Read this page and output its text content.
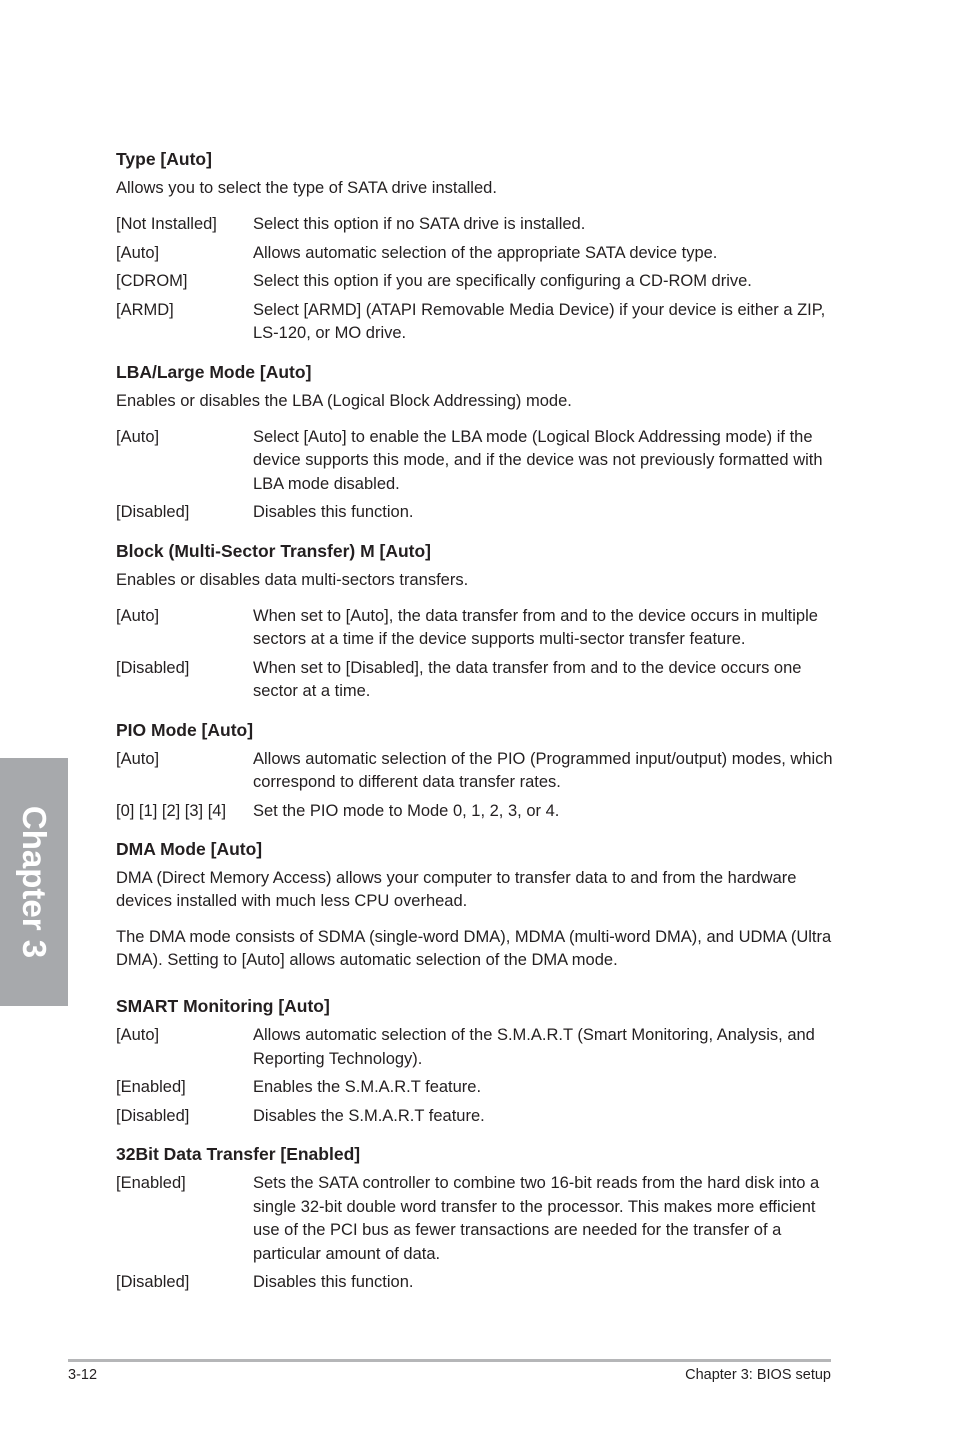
Type [Auto]
Allows you to select the type of SATA drive installed.
[Not Installed]	Select this option if no SATA drive is installed.
[Auto]	Allows automatic selection of the appropriate SATA device type.
[CDROM]	Select this option if you are specifically configuring a CD-ROM drive.
[ARMD]	Select [ARMD] (ATAPI Removable Media Device) if your device is either a ZIP, LS-120, or MO drive.
LBA/Large Mode [Auto]
Enables or disables the LBA (Logical Block Addressing) mode.
[Auto]	Select [Auto] to enable the LBA mode (Logical Block Addressing mode) if the device supports this mode, and if the device was not previously formatted with LBA mode disabled.
[Disabled]	Disables this function.
Block (Multi-Sector Transfer) M [Auto]
Enables or disables data multi-sectors transfers.
[Auto]	When set to [Auto], the data transfer from and to the device occurs in multiple sectors at a time if the device supports multi-sector transfer feature.
[Disabled]	When set to [Disabled], the data transfer from and to the device occurs one sector at a time.
PIO Mode [Auto]
[Auto]	Allows automatic selection of the PIO (Programmed input/output) modes, which correspond to different data transfer rates.
[0] [1] [2] [3] [4]	Set the PIO mode to Mode 0, 1, 2, 3, or 4.
DMA Mode [Auto]
DMA (Direct Memory Access) allows your computer to transfer data to and from the hardware devices installed with much less CPU overhead.
The DMA mode consists of SDMA (single-word DMA), MDMA (multi-word DMA), and UDMA (Ultra DMA). Setting to [Auto] allows automatic selection of the DMA mode.
SMART Monitoring [Auto]
[Auto]	Allows automatic selection of the S.M.A.R.T (Smart Monitoring, Analysis, and Reporting Technology).
[Enabled]	Enables the S.M.A.R.T feature.
[Disabled]	Disables the S.M.A.R.T feature.
32Bit Data Transfer [Enabled]
[Enabled]	Sets the SATA controller to combine two 16-bit reads from the hard disk into a single 32-bit double word transfer to the processor. This makes more efficient use of the PCI bus as fewer transactions are needed for the transfer of a particular amount of data.
[Disabled]	Disables this function.
Chapter 3
3-12	Chapter 3: BIOS setup
